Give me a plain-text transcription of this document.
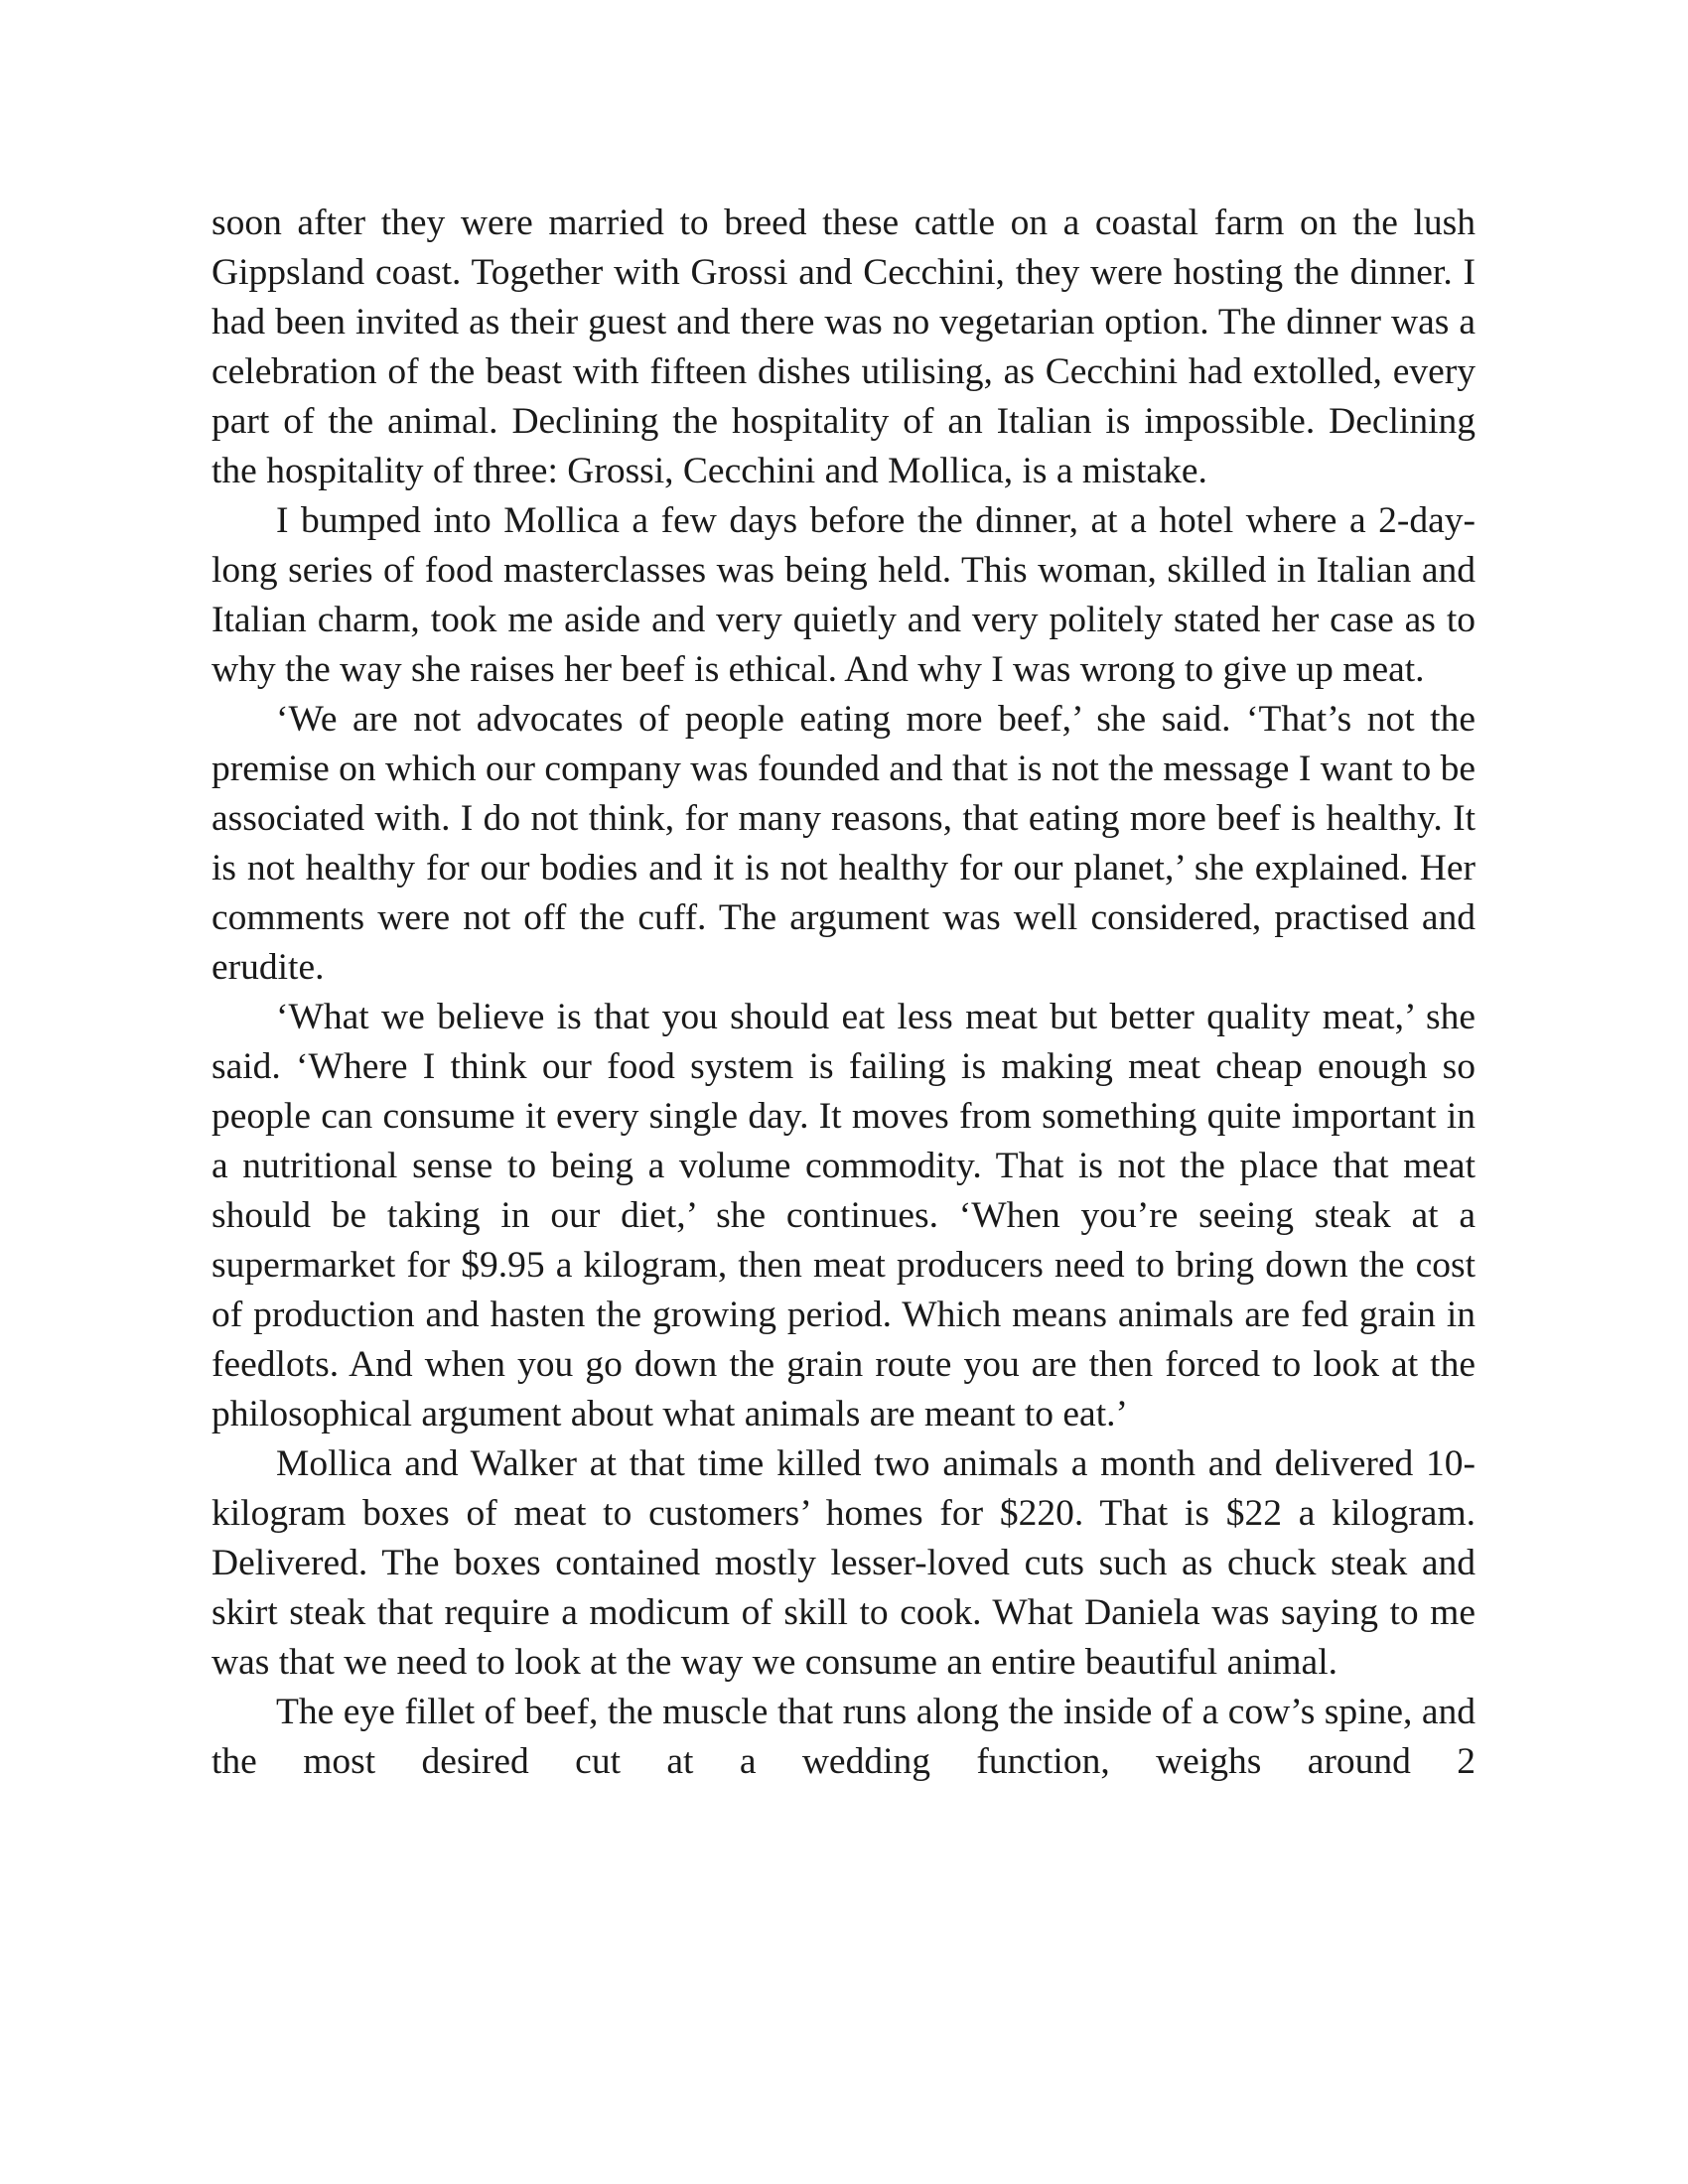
soon after they were married to breed these cattle on a coastal farm on the lush Gippsland coast. Together with Grossi and Cecchini, they were hosting the dinner. I had been invited as their guest and there was no vegetarian option. The dinner was a celebration of the beast with fifteen dishes utilising, as Cecchini had extolled, every part of the animal. Declining the hospitality of an Italian is impossible. Declining the hospitality of three: Grossi, Cecchini and Mollica, is a mistake.

I bumped into Mollica a few days before the dinner, at a hotel where a 2-day-long series of food masterclasses was being held. This woman, skilled in Italian and Italian charm, took me aside and very quietly and very politely stated her case as to why the way she raises her beef is ethical. And why I was wrong to give up meat.

‘We are not advocates of people eating more beef,’ she said. ‘That’s not the premise on which our company was founded and that is not the message I want to be associated with. I do not think, for many reasons, that eating more beef is healthy. It is not healthy for our bodies and it is not healthy for our planet,’ she explained. Her comments were not off the cuff. The argument was well considered, practised and erudite.

‘What we believe is that you should eat less meat but better quality meat,’ she said. ‘Where I think our food system is failing is making meat cheap enough so people can consume it every single day. It moves from something quite important in a nutritional sense to being a volume commodity. That is not the place that meat should be taking in our diet,’ she continues. ‘When you’re seeing steak at a supermarket for $9.95 a kilogram, then meat producers need to bring down the cost of production and hasten the growing period. Which means animals are fed grain in feedlots. And when you go down the grain route you are then forced to look at the philosophical argument about what animals are meant to eat.’

Mollica and Walker at that time killed two animals a month and delivered 10-kilogram boxes of meat to customers’ homes for $220. That is $22 a kilogram. Delivered. The boxes contained mostly lesser-loved cuts such as chuck steak and skirt steak that require a modicum of skill to cook. What Daniela was saying to me was that we need to look at the way we consume an entire beautiful animal.

The eye fillet of beef, the muscle that runs along the inside of a cow’s spine, and the most desired cut at a wedding function, weighs around 2
